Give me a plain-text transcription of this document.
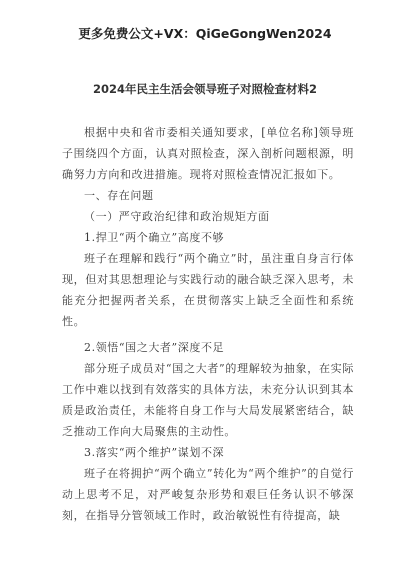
更多免费公文+VX：QiGeGongWen2024
2024年民主生活会领导班子对照检查材料2

根据中央和省市委相关通知要求，[单位名称]领导班子围绕四个方面，认真对照检查，深入剖析问题根源，明确努力方向和改进措施。现将对照检查情况汇报如下。

一、存在问题

（一）严守政治纪律和政治规矩方面

1.捍卫“两个确立”高度不够

班子在理解和践行“两个确立”时，虽注重自身言行体现，但对其思想理论与实践行动的融合缺乏深入思考，未能充分把握两者关系，在贯彻落实上缺乏全面性和系统性。

2.领悟“国之大者”深度不足

部分班子成员对“国之大者”的理解较为抽象，在实际工作中难以找到有效落实的具体方法，未充分认识到其本质是政治责任，未能将自身工作与大局发展紧密结合，缺乏推动工作向大局聚焦的主动性。

3.落实“两个维护”谋划不深

班子在将拥护“两个确立”转化为“两个维护”的自觉行动上思考不足，对严峻复杂形势和艰巨任务认识不够深刻，在指导分管领域工作时，政治敏锐性有待提高，缺
